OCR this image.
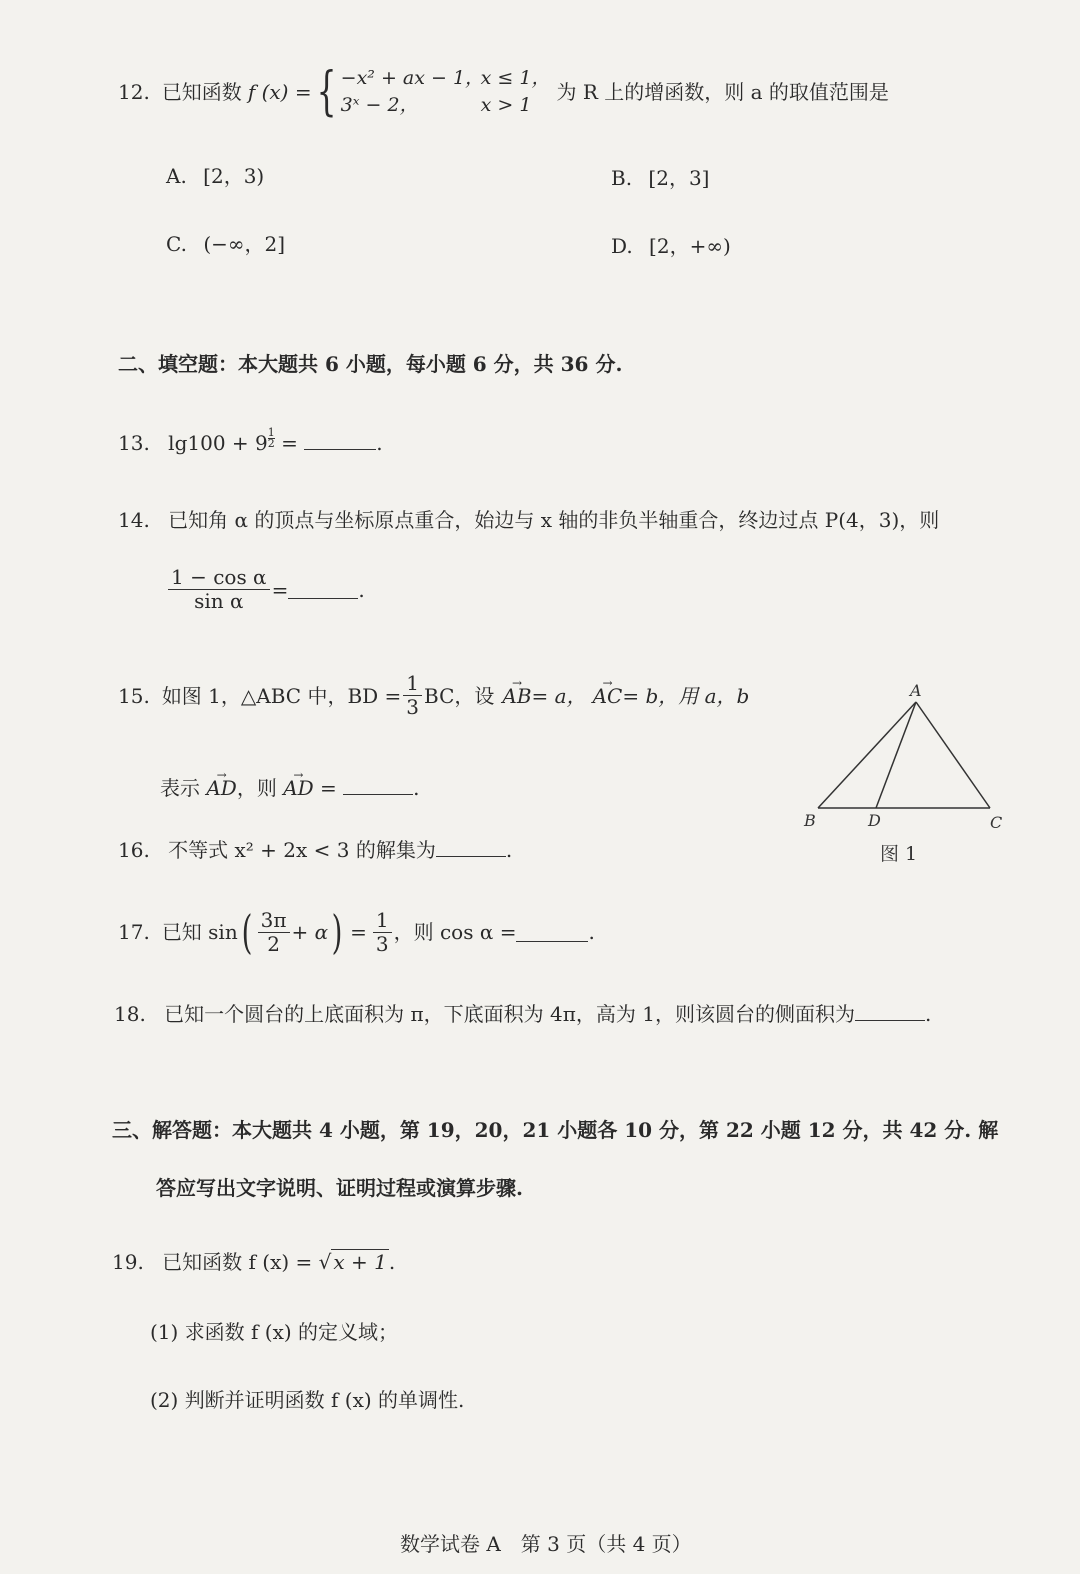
12. 已知函数 f (x) = { −x² + ax − 1，
x ≤ 1，
3ˣ − 2，	x > 1
为 R 上的增函数，则 a 的取值范围是
A. [2，3)	B. [2，3]
C. (−∞，2]	D. [2，+∞)
二、填空题：本大题共 6 小题，每小题 6 分，共 36 分.
13. lg100 + 9 $^{\frac{1}{2}}$ =	.
14. 已知角 α 的顶点与坐标原点重合，始边与 x 轴的非负半轴重合，终边过点 P(4，3)，则
$\frac{\text{1 − cos α}}{\text{sin α}}$ =	.
15. 如图 1，△ABC 中，BD = $\frac{1}{3}$ BC，设 → AB = a， → AC = b，用 a，b
表示 → AD，则 → AD =	.
A
B	D	C
图 1
16. 不等式 x² + 2x < 3 的解集为	.
17. 已知 sin ( $\frac{3\pi}{2} + \alpha$ ) = $\frac{1}{3}$ ，则 cos α =	.
18. 已知一个圆台的上底面积为 π，下底面积为 4π，高为 1，则该圆台的侧面积为	.
三、解答题：本大题共 4 小题，第 19，20，21 小题各 10 分，第 22 小题 12 分，共 42 分. 解
答应写出文字说明、证明过程或演算步骤.
19. 已知函数 f (x) = √ x + 1 .
(1) 求函数 f (x) 的定义域；
(2) 判断并证明函数 f (x) 的单调性.
数学试卷 A　第 3 页（共 4 页）
